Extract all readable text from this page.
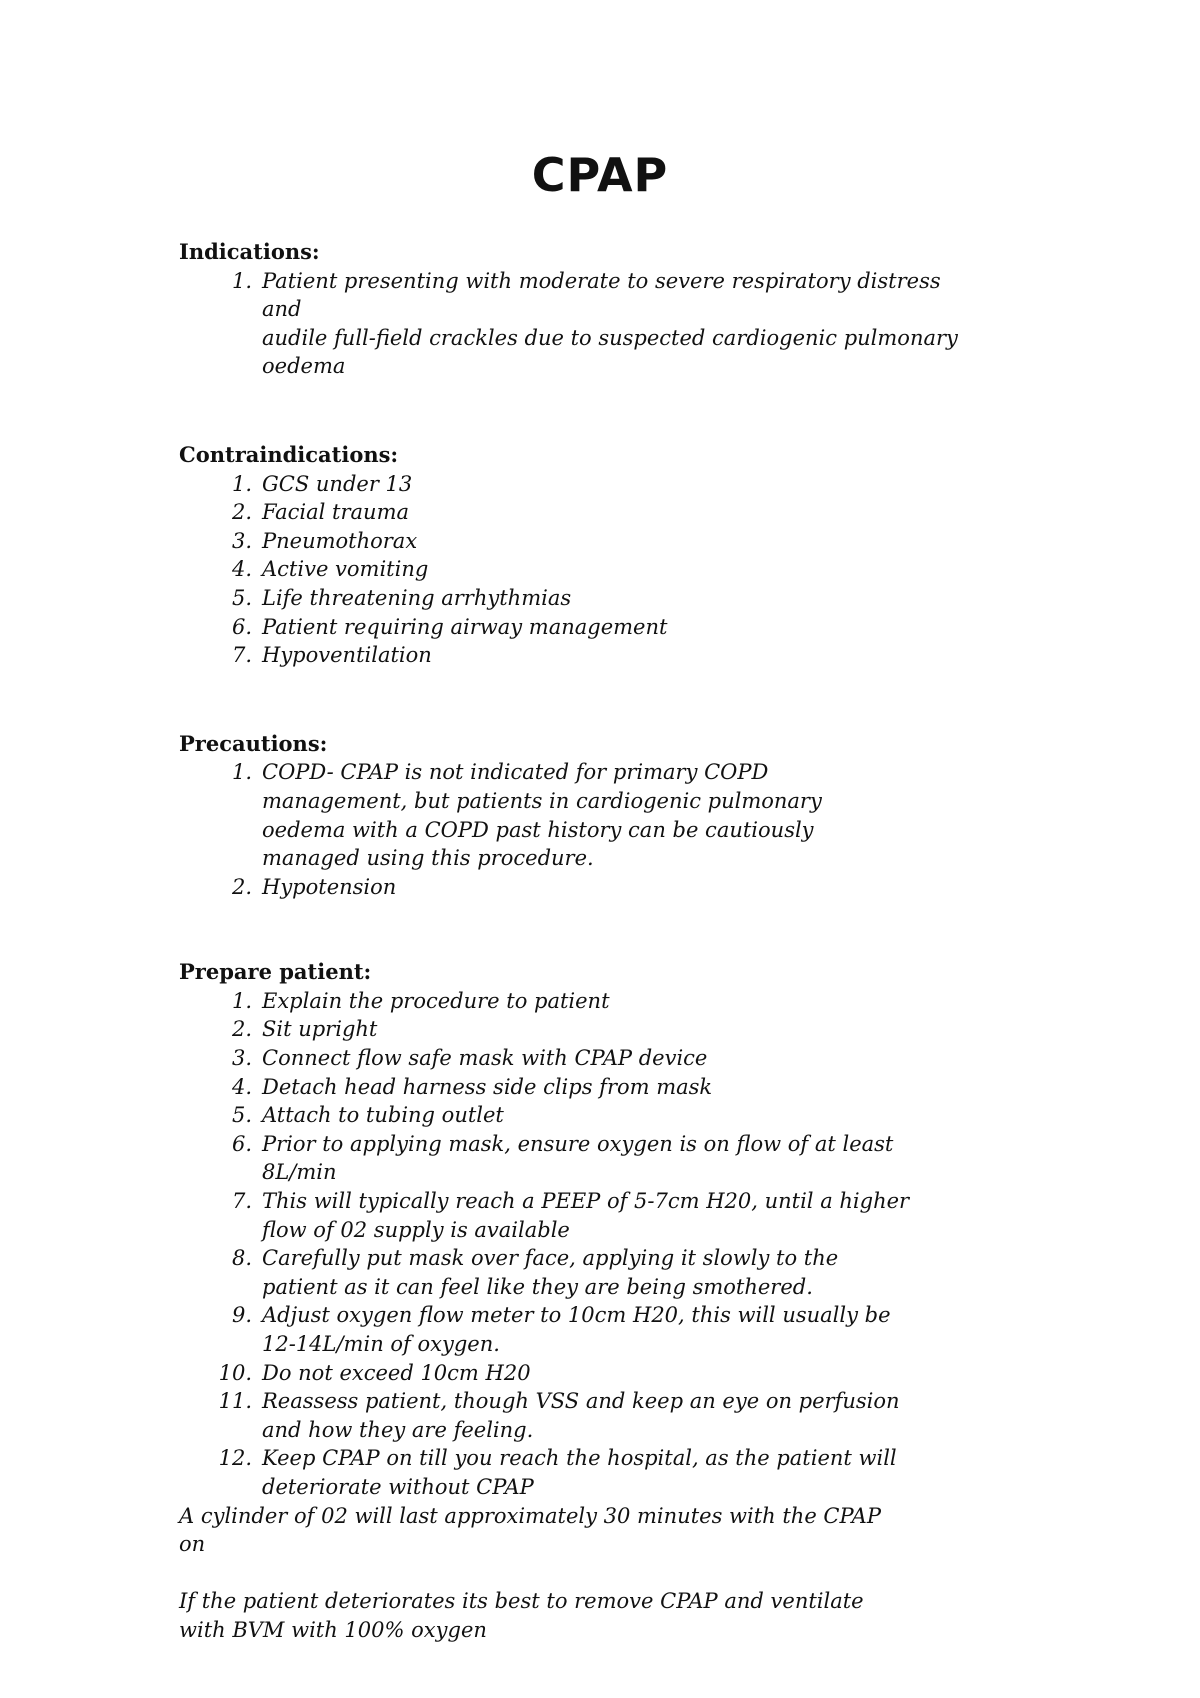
CPAP

Indications:

1. Patient presenting with moderate to severe respiratory distress and
audile full-field crackles due to suspected cardiogenic pulmonary
oedema

Contraindications:

1. GCS under 13
2. Facial trauma
3. Pneumothorax
4. Active vomiting
5. Life threatening arrhythmias
6. Patient requiring airway management
7. Hypoventilation

Precautions:

1. COPD- CPAP is not indicated for primary COPD
management, but patients in cardiogenic pulmonary
oedema with a COPD past history can be cautiously
managed using this procedure.
2. Hypotension

Prepare patient:

1. Explain the procedure to patient
2. Sit upright
3. Connect flow safe mask with CPAP device
4. Detach head harness side clips from mask
5. Attach to tubing outlet
6. Prior to applying mask, ensure oxygen is on flow of at least
8L/min
7. This will typically reach a PEEP of 5-7cm H20, until a higher
flow of 02 supply is available
8. Carefully put mask over face, applying it slowly to the
patient as it can feel like they are being smothered.
9. Adjust oxygen flow meter to 10cm H20, this will usually be
12-14L/min of oxygen.
10. Do not exceed 10cm H20
11. Reassess patient, though VSS and keep an eye on perfusion
and how they are feeling.
12. Keep CPAP on till you reach the hospital, as the patient will
deteriorate without CPAP

A cylinder of 02 will last approximately 30 minutes with the CPAP

on

If the patient deteriorates its best to remove CPAP and ventilate

with BVM with 100% oxygen
